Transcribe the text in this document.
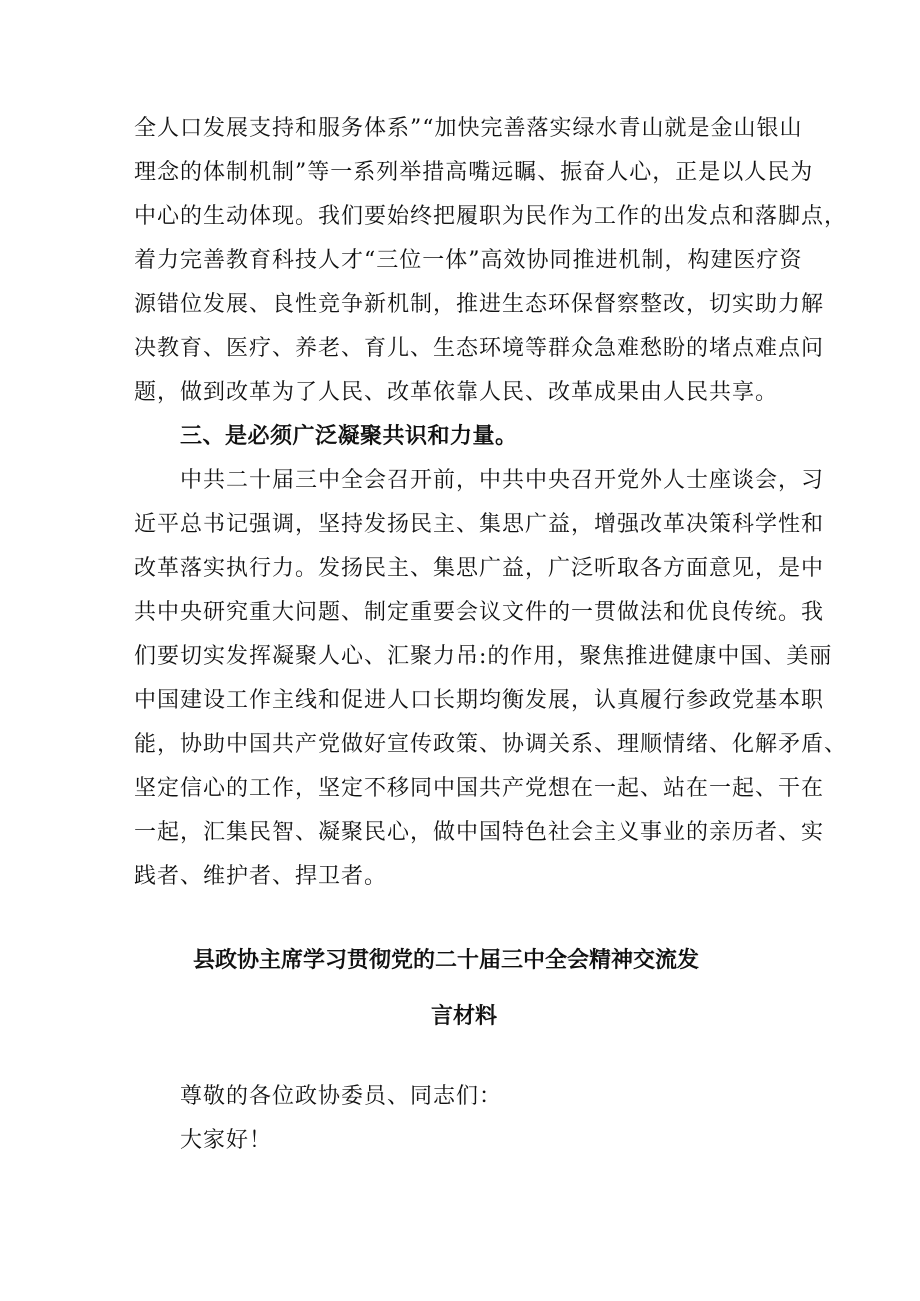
全人口发展支持和服务体系”“加快完善落实绿水青山就是金山银山
理念的体制机制”等一系列举措高嘴远瞩、振奋人心，正是以人民为
中心的生动体现。我们要始终把履职为民作为工作的出发点和落脚点，
着力完善教育科技人才“三位一体”高效协同推进机制，构建医疗资
源错位发展、良性竞争新机制，推进生态环保督察整改，切实助力解
决教育、医疗、养老、育儿、生态环境等群众急难愁盼的堵点难点问
题，做到改革为了人民、改革依靠人民、改革成果由人民共享。
三、是必须广泛凝聚共识和力量。
中共二十届三中全会召开前，中共中央召开党外人士座谈会，习
近平总书记强调，坚持发扬民主、集思广益，增强改革决策科学性和
改革落实执行力。发扬民主、集思广益，广泛听取各方面意见，是中
共中央研究重大问题、制定重要会议文件的一贯做法和优良传统。我
们要切实发挥凝聚人心、汇聚力吊:的作用，聚焦推进健康中国、美丽
中国建设工作主线和促进人口长期均衡发展，认真履行参政党基本职
能，协助中国共产党做好宣传政策、协调关系、理顺情绪、化解矛盾、
坚定信心的工作，坚定不移同中国共产党想在一起、站在一起、干在
一起，汇集民智、凝聚民心，做中国特色社会主义事业的亲历者、实
践者、维护者、捍卫者。
县政协主席学习贯彻党的二十届三中全会精神交流发
言材料
尊敬的各位政协委员、同志们：
大家好！
